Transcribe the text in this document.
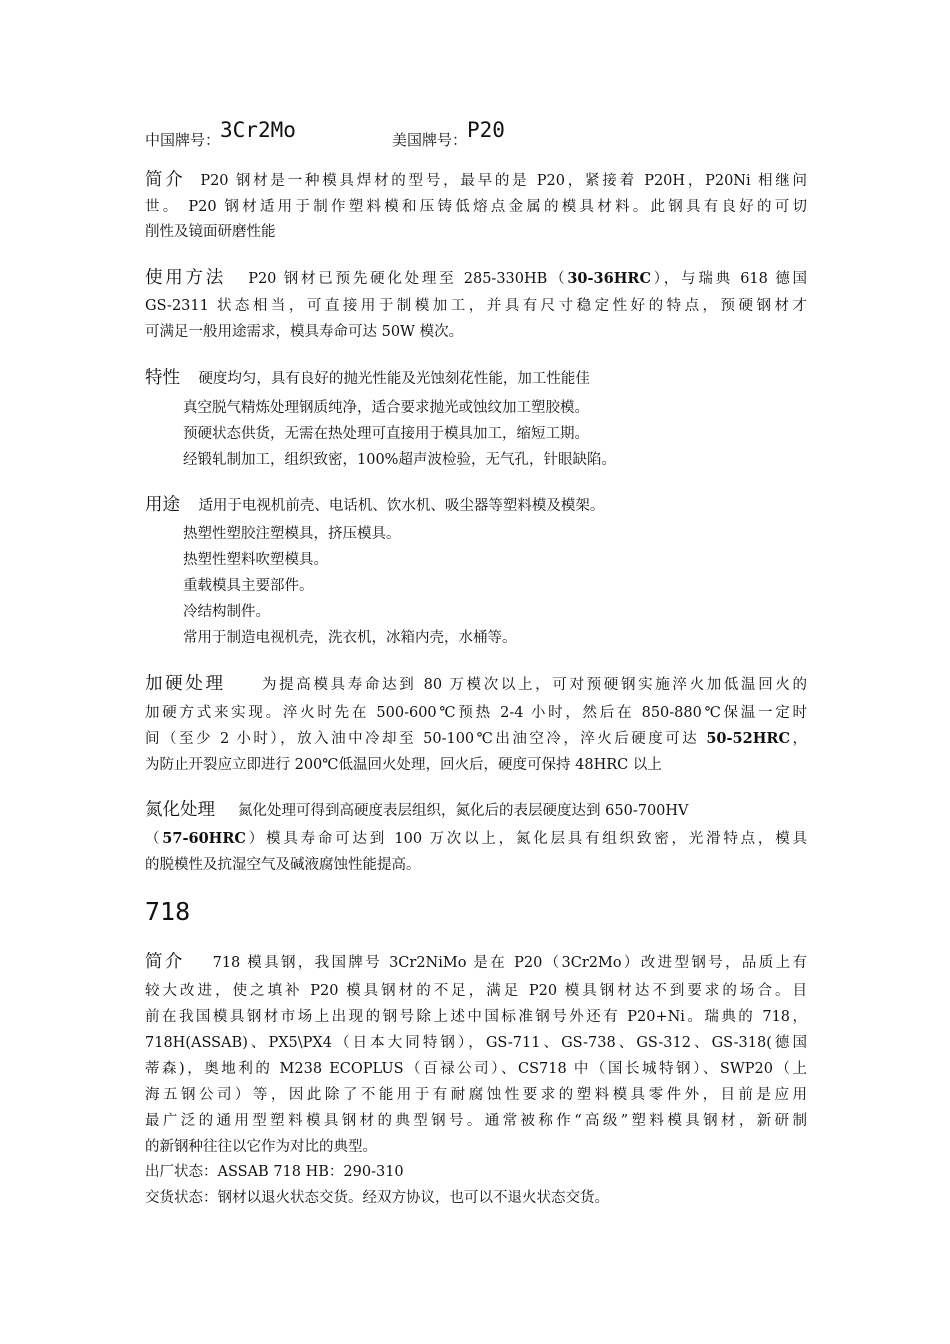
中国牌号：3Cr2Mo	美国牌号：P20
简介 P20 钢材是一种模具焊材的型号，最早的是 P20，紧接着 P20H，P20Ni 相继问
世。 P20 钢材适用于制作塑料模和压铸低熔点金属的模具材料。此钢具有良好的可切
削性及镜面研磨性能
使用方法 P20 钢材已预先硬化处理至 285-330HB（30-36HRC），与瑞典 618 德国
GS-2311 状态相当，可直接用于制模加工，并具有尺寸稳定性好的特点，预硬钢材才
可满足一般用途需求，模具寿命可达 50W 模次。
特性 硬度均匀，具有良好的抛光性能及光蚀刻花性能，加工性能佳
真空脱气精炼处理钢质纯净，适合要求抛光或蚀纹加工塑胶模。
预硬状态供货，无需在热处理可直接用于模具加工，缩短工期。
经锻轧制加工，组织致密，100%超声波检验，无气孔，针眼缺陷。
用途 适用于电视机前壳、电话机、饮水机、吸尘器等塑料模及模架。
热塑性塑胶注塑模具，挤压模具。
热塑性塑料吹塑模具。
重载模具主要部件。
冷结构制件。
常用于制造电视机壳，洗衣机，冰箱内壳，水桶等。
加硬处理	为提高模具寿命达到 80 万模次以上，可对预硬钢实施淬火加低温回火的
加硬方式来实现。淬火时先在 500-600℃预热 2-4 小时，然后在 850-880℃保温一定时
间（至少 2 小时），放入油中冷却至 50-100℃出油空冷，淬火后硬度可达 50-52HRC，
为防止开裂应立即进行 200℃低温回火处理，回火后，硬度可保持 48HRC 以上
氮化处理 氮化处理可得到高硬度表层组织，氮化后的表层硬度达到 650-700HV
（57-60HRC）模具寿命可达到 100 万次以上，氮化层具有组织致密，光滑特点，模具
的脱模性及抗湿空气及碱液腐蚀性能提高。
718
简介 718 模具钢，我国牌号 3Cr2NiMo 是在 P20（3Cr2Mo）改进型钢号，品质上有
较大改进，使之填补 P20 模具钢材的不足，满足 P20 模具钢材达不到要求的场合。目
前在我国模具钢材市场上出现的钢号除上述中国标准钢号外还有 P20+Ni。瑞典的 718，
718H(ASSAB)、PX5\PX4（日本大同特钢），GS-711、GS-738、GS-312、GS-318(德国
蒂森)，奥地利的 M238 ECOPLUS（百禄公司）、CS718 中（国长城特钢）、SWP20（上
海五钢公司）等，因此除了不能用于有耐腐蚀性要求的塑料模具零件外，目前是应用
最广泛的通用型塑料模具钢材的典型钢号。通常被称作“高级”塑料模具钢材，新研制
的新钢种往往以它作为对比的典型。
出厂状态：ASSAB 718 HB：290-310
交货状态：钢材以退火状态交货。经双方协议，也可以不退火状态交货。
